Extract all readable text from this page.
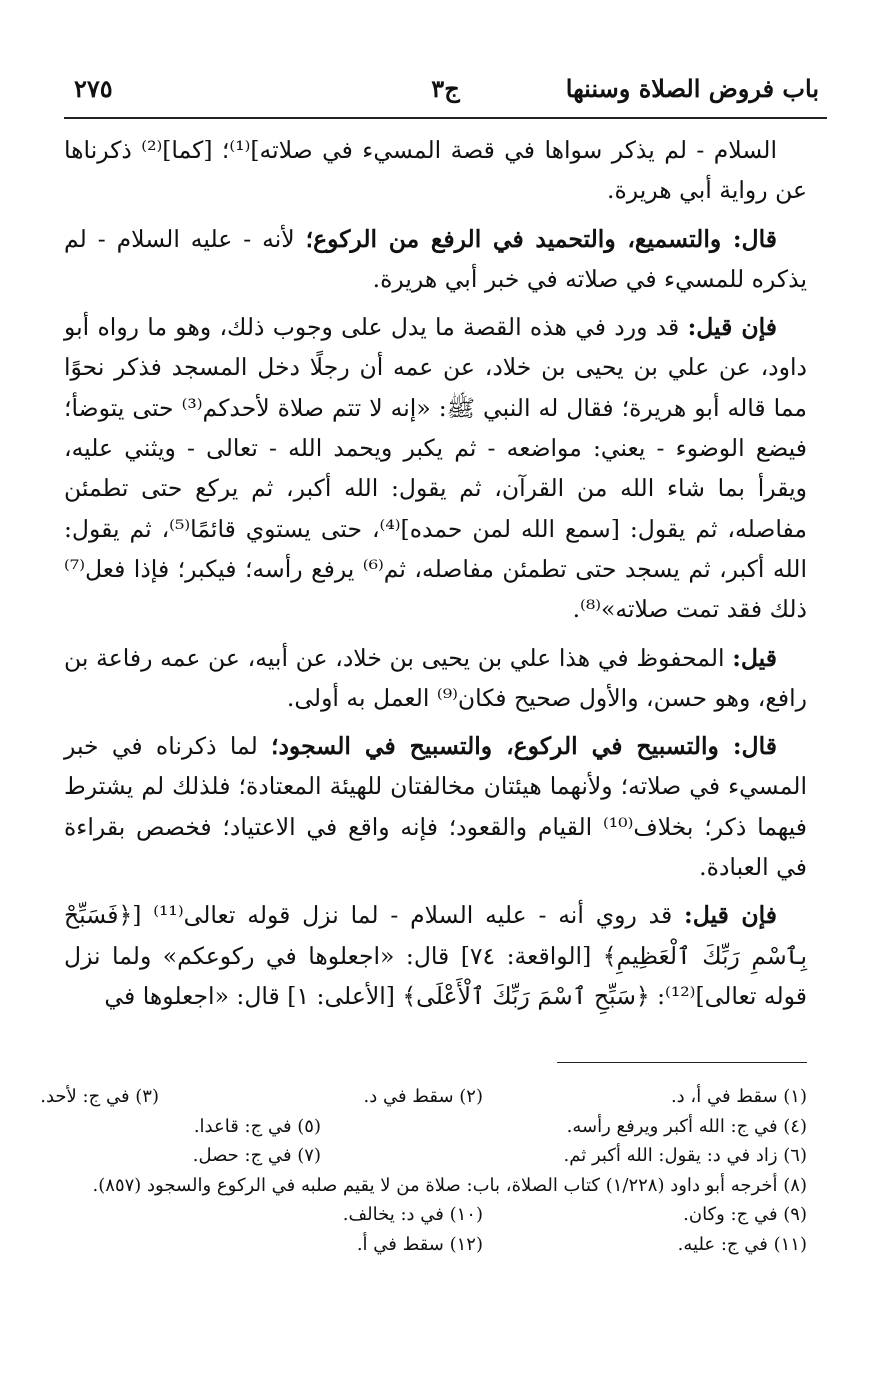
باب فروض الصلاة وسننها
ج٣
٢٧٥

السلام - لم يذكر سواها في قصة المسيء في صلاته]⁽¹⁾؛ [كما]⁽²⁾ ذكرناها عن رواية أبي هريرة.

قال: والتسميع، والتحميد في الرفع من الركوع؛ لأنه - عليه السلام - لم يذكره للمسيء في صلاته في خبر أبي هريرة.

فإن قيل: قد ورد في هذه القصة ما يدل على وجوب ذلك، وهو ما رواه أبو داود، عن علي بن يحيى بن خلاد، عن عمه أن رجلًا دخل المسجد فذكر نحوًا مما قاله أبو هريرة؛ فقال له النبي ﷺ: «إنه لا تتم صلاة لأحدكم⁽³⁾ حتى يتوضأ؛ فيضع الوضوء - يعني: مواضعه - ثم يكبر ويحمد الله - تعالى - ويثني عليه، ويقرأ بما شاء الله من القرآن، ثم يقول: الله أكبر، ثم يركع حتى تطمئن مفاصله، ثم يقول: [سمع الله لمن حمده]⁽⁴⁾، حتى يستوي قائمًا⁽⁵⁾، ثم يقول: الله أكبر، ثم يسجد حتى تطمئن مفاصله، ثم⁽⁶⁾ يرفع رأسه؛ فيكبر؛ فإذا فعل⁽⁷⁾ ذلك فقد تمت صلاته»⁽⁸⁾.

قيل: المحفوظ في هذا علي بن يحيى بن خلاد، عن أبيه، عن عمه رفاعة بن رافع، وهو حسن، والأول صحيح فكان⁽⁹⁾ العمل به أولى.

قال: والتسبيح في الركوع، والتسبيح في السجود؛ لما ذكرناه في خبر المسيء في صلاته؛ ولأنهما هيئتان مخالفتان للهيئة المعتادة؛ فلذلك لم يشترط فيهما ذكر؛ بخلاف⁽¹⁰⁾ القيام والقعود؛ فإنه واقع في الاعتياد؛ فخصص بقراءة في العبادة.

فإن قيل: قد روي أنه - عليه السلام - لما نزل قوله تعالى⁽¹¹⁾ [﴿فَسَبِّحْ بِٱسْمِ رَبِّكَ ٱلْعَظِيمِ﴾ [الواقعة: ٧٤] قال: «اجعلوها في ركوعكم» ولما نزل قوله تعالى]⁽¹²⁾: ﴿سَبِّحِ ٱسْمَ رَبِّكَ ٱلْأَعْلَى﴾ [الأعلى: ١] قال: «اجعلوها في

(١) سقط في أ، د.
(٢) سقط في د.
(٣) في ج: لأحد.
(٤) في ج: الله أكبر ويرفع رأسه.
(٥) في ج: قاعدا.
(٦) زاد في د: يقول: الله أكبر ثم.
(٧) في ج: حصل.
(٨) أخرجه أبو داود (١/٢٢٨) كتاب الصلاة، باب: صلاة من لا يقيم صلبه في الركوع والسجود (٨٥٧).
(٩) في ج: وكان.
(١٠) في د: يخالف.
(١١) في ج: عليه.
(١٢) سقط في أ.
